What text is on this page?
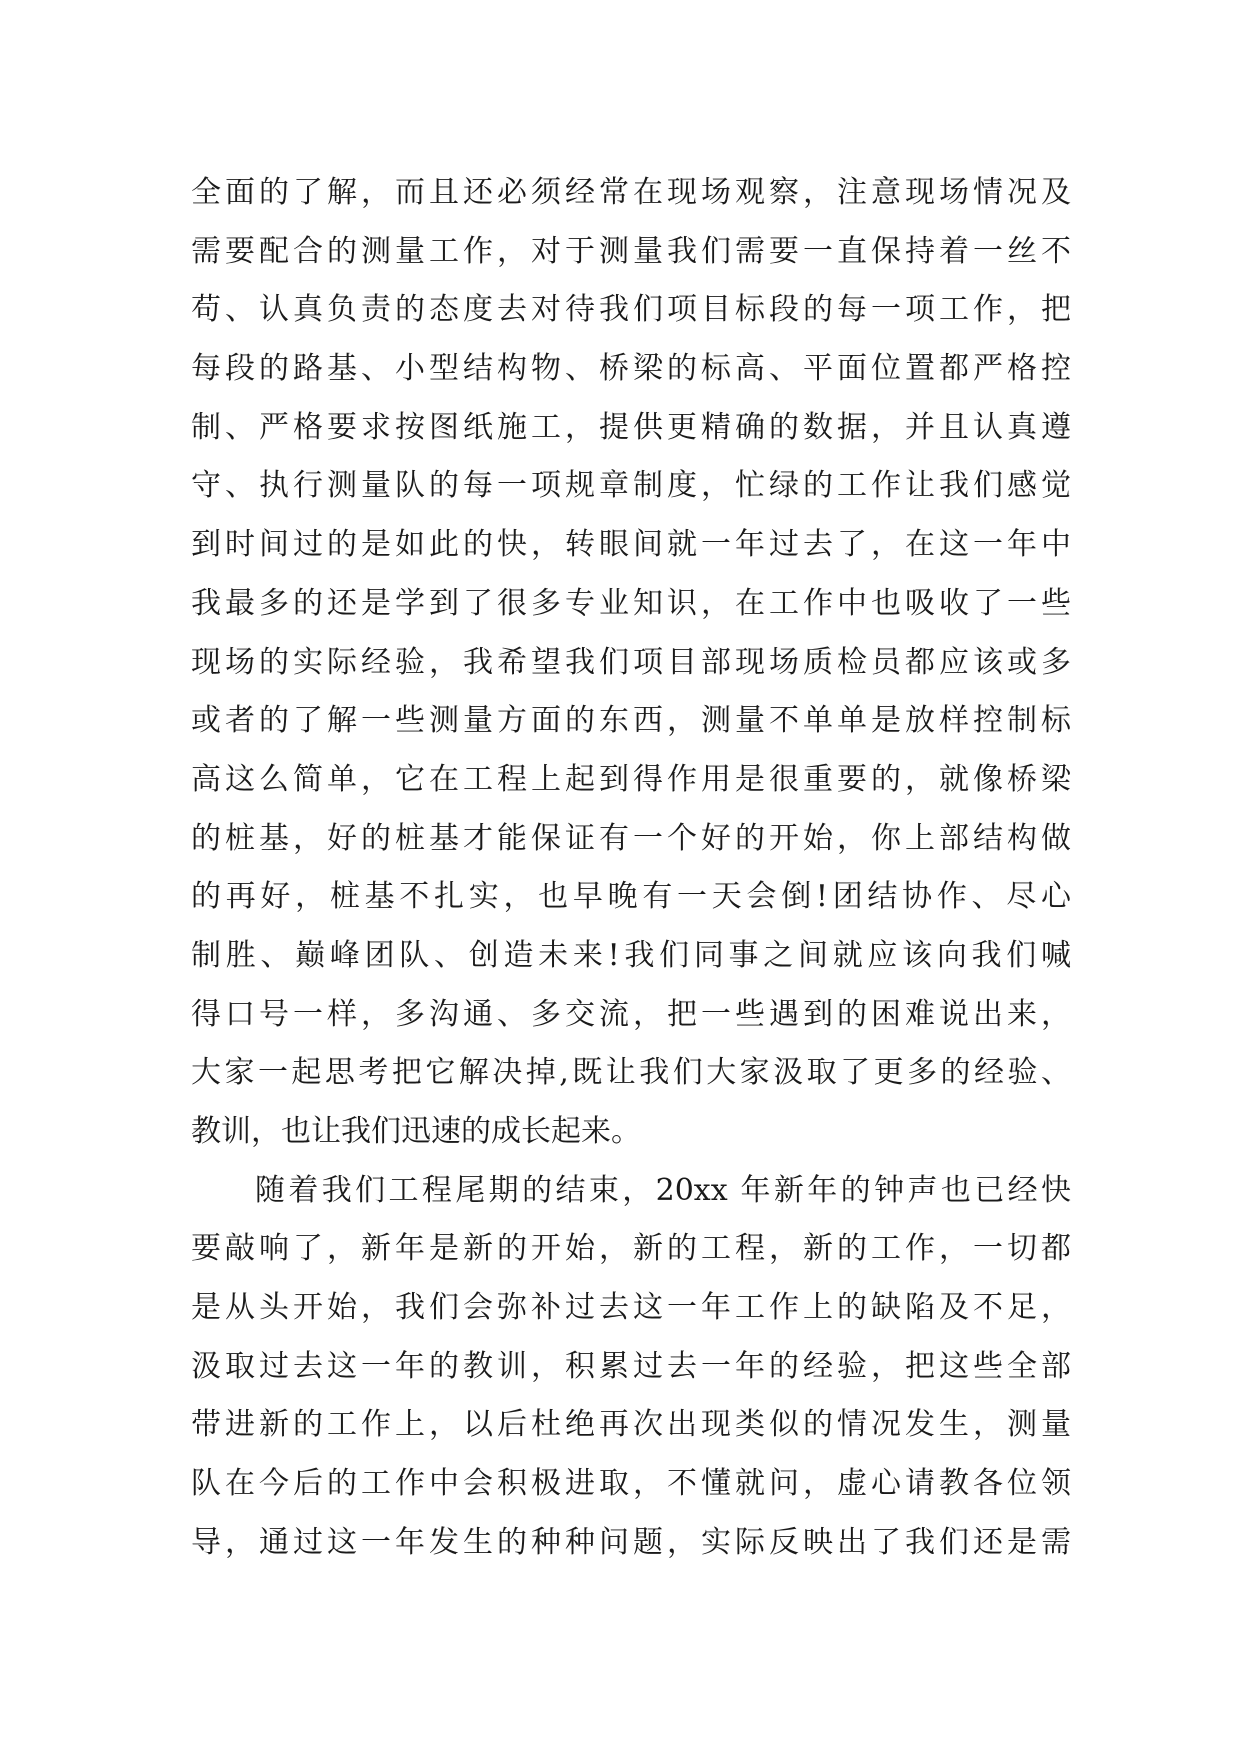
全面的了解，而且还必须经常在现场观察，注意现场情况及
需要配合的测量工作，对于测量我们需要一直保持着一丝不
苟、认真负责的态度去对待我们项目标段的每一项工作，把
每段的路基、小型结构物、桥梁的标高、平面位置都严格控
制、严格要求按图纸施工，提供更精确的数据，并且认真遵
守、执行测量队的每一项规章制度，忙绿的工作让我们感觉
到时间过的是如此的快，转眼间就一年过去了，在这一年中
我最多的还是学到了很多专业知识，在工作中也吸收了一些
现场的实际经验，我希望我们项目部现场质检员都应该或多
或者的了解一些测量方面的东西，测量不单单是放样控制标
高这么简单，它在工程上起到得作用是很重要的，就像桥梁
的桩基，好的桩基才能保证有一个好的开始，你上部结构做
的再好，桩基不扎实，也早晚有一天会倒!团结协作、尽心
制胜、巅峰团队、创造未来!我们同事之间就应该向我们喊
得口号一样，多沟通、多交流，把一些遇到的困难说出来，
大家一起思考把它解决掉,既让我们大家汲取了更多的经验、
教训，也让我们迅速的成长起来。
随着我们工程尾期的结束，20xx 年新年的钟声也已经快
要敲响了，新年是新的开始，新的工程，新的工作，一切都
是从头开始，我们会弥补过去这一年工作上的缺陷及不足，
汲取过去这一年的教训，积累过去一年的经验，把这些全部
带进新的工作上，以后杜绝再次出现类似的情况发生，测量
队在今后的工作中会积极进取，不懂就问，虚心请教各位领
导，通过这一年发生的种种问题，实际反映出了我们还是需
